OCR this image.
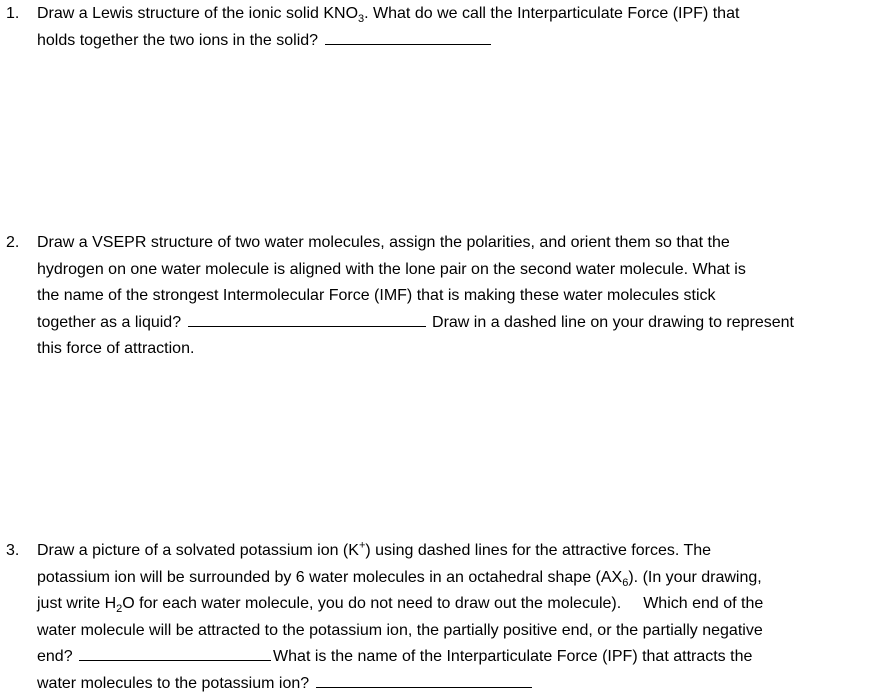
1. Draw a Lewis structure of the ionic solid $KNO_3$. What do we call the Interparticulate Force (IPF) that
holds together the two ions in the solid?
2. Draw a VSEPR structure of two water molecules, assign the polarities, and orient them so that the
hydrogen on one water molecule is aligned with the lone pair on the second water molecule. What is
the name of the strongest Intermolecular Force (IMF) that is making these water molecules stick
together as a liquid?	Draw in a dashed line on your drawing to represent
this force of attraction.
3. Draw a picture of a solvated potassium ion (K+) using dashed lines for the attractive forces. The
potassium ion will be surrounded by 6 water molecules in an octahedral shape $(AX_6)$. (In your drawing,
just write $H_2O$ for each water molecule, you do not need to draw out the molecule). Which end of the
water molecule will be attracted to the potassium ion, the partially positive end, or the partially negative
end?	What is the name of the Interparticulate Force (IPF) that attracts the
water molecules to the potassium ion?
